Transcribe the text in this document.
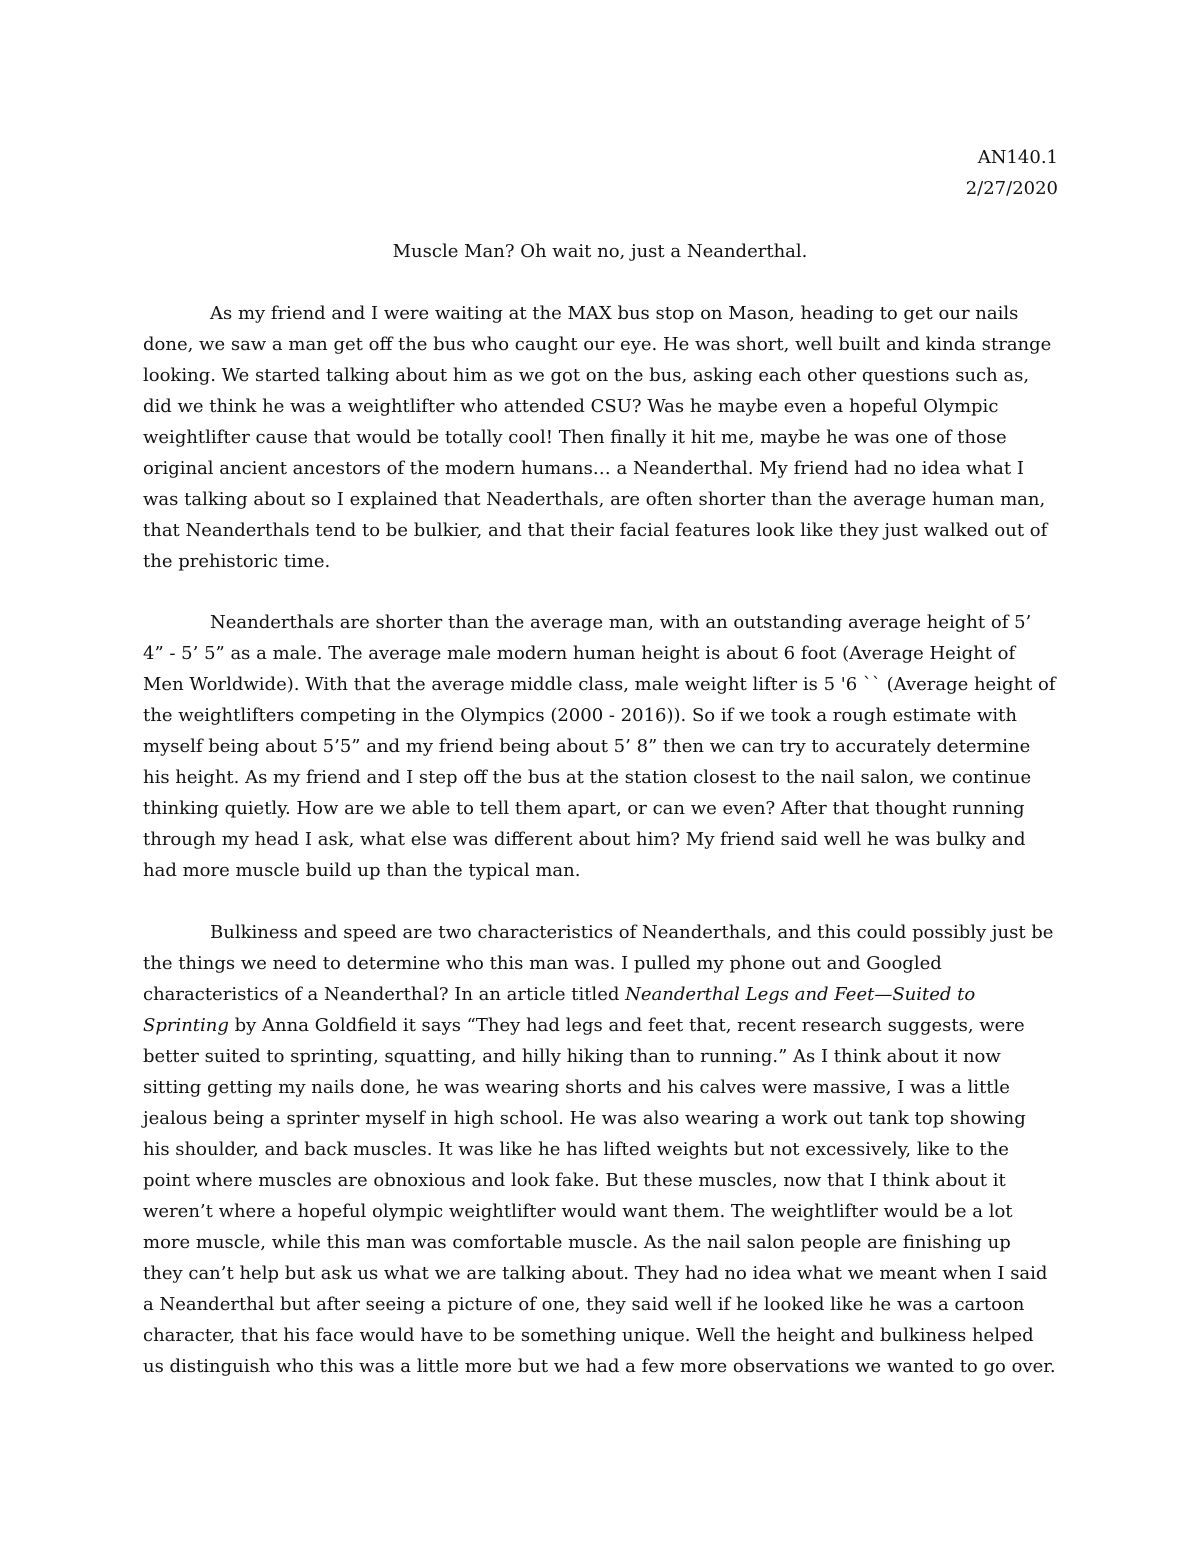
AN140.1
2/27/2020
Muscle Man? Oh wait no, just a Neanderthal.

As my friend and I were waiting at the MAX bus stop on Mason, heading to get our nails done, we saw a man get off the bus who caught our eye. He was short, well built and kinda strange looking. We started talking about him as we got on the bus, asking each other questions such as, did we think he was a weightlifter who attended CSU? Was he maybe even a hopeful Olympic weightlifter cause that would be totally cool! Then finally it hit me, maybe he was one of those original ancient ancestors of the modern humans… a Neanderthal. My friend had no idea what I was talking about so I explained that Neaderthals, are often shorter than the average human man, that Neanderthals tend to be bulkier, and that their facial features look like they just walked out of the prehistoric time.

Neanderthals are shorter than the average man, with an outstanding average height of 5’ 4” - 5’ 5” as a male. The average male modern human height is about 6 foot (Average Height of Men Worldwide). With that the average middle class, male weight lifter is 5 '6 `` (Average height of the weightlifters competing in the Olympics (2000 - 2016)). So if we took a rough estimate with myself being about 5’5” and my friend being about 5’ 8” then we can try to accurately determine his height. As my friend and I step off the bus at the station closest to the nail salon, we continue thinking quietly. How are we able to tell them apart, or can we even? After that thought running through my head I ask, what else was different about him? My friend said well he was bulky and had more muscle build up than the typical man.

Bulkiness and speed are two characteristics of Neanderthals, and this could possibly just be the things we need to determine who this man was. I pulled my phone out and Googled characteristics of a Neanderthal? In an article titled Neanderthal Legs and Feet—Suited to Sprinting by Anna Goldfield it says “They had legs and feet that, recent research suggests, were better suited to sprinting, squatting, and hilly hiking than to running.” As I think about it now sitting getting my nails done, he was wearing shorts and his calves were massive, I was a little jealous being a sprinter myself in high school. He was also wearing a work out tank top showing his shoulder, and back muscles. It was like he has lifted weights but not excessively, like to the point where muscles are obnoxious and look fake. But these muscles, now that I think about it weren’t where a hopeful olympic weightlifter would want them. The weightlifter would be a lot more muscle, while this man was comfortable muscle. As the nail salon people are finishing up they can’t help but ask us what we are talking about. They had no idea what we meant when I said a Neanderthal but after seeing a picture of one, they said well if he looked like he was a cartoon character, that his face would have to be something unique. Well the height and bulkiness helped us distinguish who this was a little more but we had a few more observations we wanted to go over.
